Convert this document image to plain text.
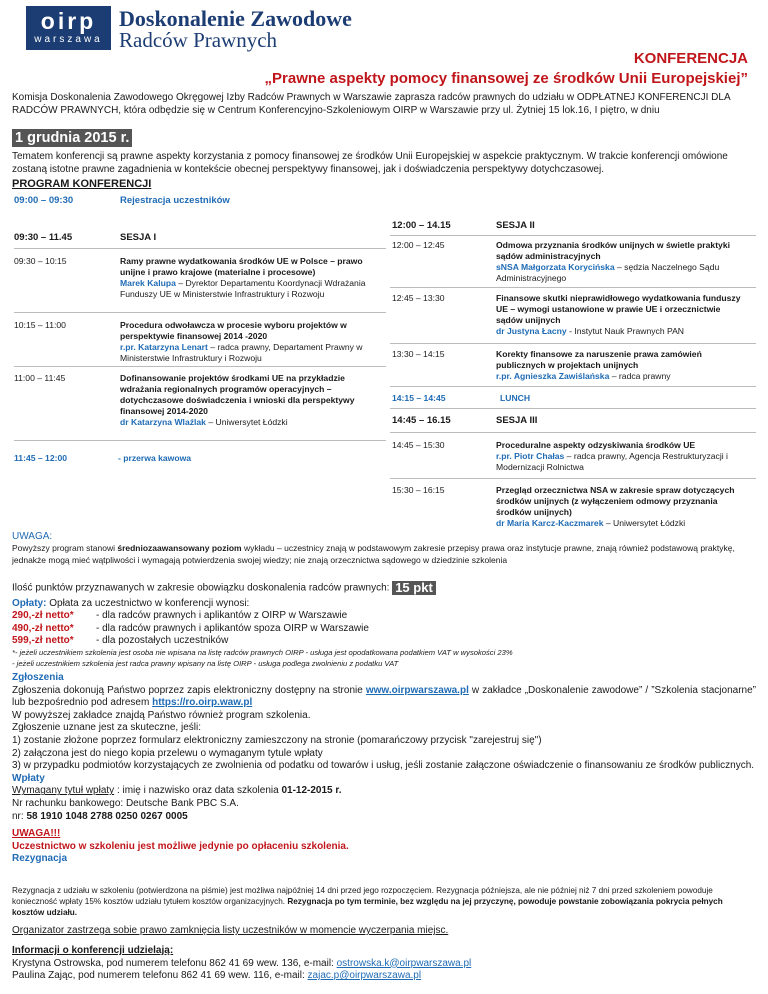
oirp
warszawa
Doskonalenie Zawodowe
Radców Prawnych
KONFERENCJA
„Prawne aspekty pomocy finansowej ze środków Unii Europejskiej”
Komisja Doskonalenia Zawodowego Okręgowej Izby Radców Prawnych w Warszawie zaprasza radców prawnych do udziału w ODPŁATNEJ KONFERENCJI DLA RADCÓW PRAWNYCH, która odbędzie się w Centrum Konferencyjno-Szkoleniowym OIRP w Warszawie przy ul. Żytniej 15 lok.16, I piętro, w dniu
1 grudnia 2015 r.
Tematem konferencji są prawne aspekty korzystania z pomocy finansowej ze środków Unii Europejskiej w aspekcie praktycznym. W trakcie konferencji omówione zostaną istotne prawne zagadnienia w kontekście obecnej perspektywy finansowej, jak i doświadczenia perspektywy dotychczasowej.
PROGRAM KONFERENCJI
09:00 – 09:30	Rejestracja uczestników
09:30 – 11.45	SESJA I
09:30 – 10:15	Ramy prawne wydatkowania środków UE w Polsce – prawo unijne i prawo krajowe (materialne i procesowe)
Marek Kalupa – Dyrektor Departamentu Koordynacji Wdrażania Funduszy UE w Ministerstwie Infrastruktury i Rozwoju
10:15 – 11:00	Procedura odwoławcza w procesie wyboru projektów w perspektywie finansowej 2014 -2020
r.pr. Katarzyna Lenart – radca prawny, Departament Prawny w Ministerstwie Infrastruktury i Rozwoju
11:00 – 11:45	Dofinansowanie projektów środkami UE na przykładzie wdrażania regionalnych programów operacyjnych – dotychczasowe doświadczenia i wnioski dla perspektywy finansowej 2014-2020
dr Katarzyna Wlaźlak – Uniwersytet Łódzki
11:45 – 12:00	- przerwa kawowa
12:00 – 14.15	SESJA II
12:00 – 12:45	Odmowa przyznania środków unijnych w świetle praktyki sądów administracyjnych
sNSA Małgorzata Korycińska – sędzia Naczelnego Sądu Administracyjnego
12:45 – 13:30	Finansowe skutki nieprawidłowego wydatkowania funduszy UE – wymogi ustanowione w prawie UE i orzecznictwie sądów unijnych
dr Justyna Łacny - Instytut Nauk Prawnych PAN
13:30 – 14:15	Korekty finansowe za naruszenie prawa zamówień publicznych w projektach unijnych
r.pr. Agnieszka Zawiślańska – radca prawny
14:15 – 14:45	LUNCH
14:45 – 16.15	SESJA III
14:45 – 15:30	Proceduralne aspekty odzyskiwania środków UE
r.pr. Piotr Chałas – radca prawny, Agencja Restrukturyzacji i Modernizacji Rolnictwa
15:30 – 16:15	Przegląd orzecznictwa NSA w zakresie spraw dotyczących środków unijnych (z wyłączeniem odmowy przyznania środków unijnych)
dr Maria Karcz-Kaczmarek – Uniwersytet Łódzki
UWAGA:
Powyższy program stanowi średniozaawansowany poziom wykładu – uczestnicy znają w podstawowym zakresie przepisy prawa oraz instytucje prawne, znają również podstawową praktykę, jednakże mogą mieć wątpliwości i wymagają potwierdzenia swojej wiedzy; nie znają orzecznictwa sądowego w dziedzinie szkolenia
Ilość punktów przyznawanych w zakresie obowiązku doskonalenia radców prawnych: 15 pkt
Opłaty: Opłata za uczestnictwo w konferencji wynosi:
290,-zł netto* - dla radców prawnych i aplikantów z OIRP w Warszawie
490,-zł netto* - dla radców prawnych i aplikantów spoza OIRP w Warszawie
599,-zł netto* - dla pozostałych uczestników
*- jeżeli uczestnikiem szkolenia jest osoba nie wpisana na listę radców prawnych OIRP - usługa jest opodatkowana podatkiem VAT w wysokości 23%
- jeżeli uczestnikiem szkolenia jest radca prawny wpisany na listę OIRP - usługa podlega zwolnieniu z podatku VAT
Zgłoszenia
Zgłoszenia dokonują Państwo poprzez zapis elektroniczny dostępny na stronie www.oirpwarszawa.pl w zakładce „Doskonalenie zawodowe” / ”Szkolenia stacjonarne” lub bezpośrednio pod adresem https://ro.oirp.waw.pl
W powyższej zakładce znajdą Państwo również program szkolenia.
Zgłoszenie uznane jest za skuteczne, jeśli:
1) zostanie złożone poprzez formularz elektroniczny zamieszczony na stronie (pomarańczowy przycisk "zarejestruj się")
2) załączona jest do niego kopia przelewu o wymaganym tytule wpłaty
3) w przypadku podmiotów korzystających ze zwolnienia od podatku od towarów i usług, jeśli zostanie załączone oświadczenie o finansowaniu ze środków publicznych.
Wpłaty
Wymagany tytuł wpłaty : imię i nazwisko oraz data szkolenia 01-12-2015 r.
Nr rachunku bankowego: Deutsche Bank PBC S.A.
nr: 58 1910 1048 2788 0250 0267 0005
UWAGA!!!
Uczestnictwo w szkoleniu jest możliwe jedynie po opłaceniu szkolenia.
Rezygnacja
Rezygnacja z udziału w szkoleniu (potwierdzona na piśmie) jest możliwa najpóźniej 14 dni przed jego rozpoczęciem. Rezygnacja późniejsza, ale nie później niż 7 dni przed szkoleniem powoduje konieczność wpłaty 15% kosztów udziału tytułem kosztów organizacyjnych. Rezygnacja po tym terminie, bez względu na jej przyczynę, powoduje powstanie zobowiązania pokrycia pełnych kosztów udziału.
Organizator zastrzega sobie prawo zamknięcia listy uczestników w momencie wyczerpania miejsc.
Informacji o konferencji udzielają:
Krystyna Ostrowska, pod numerem telefonu 862 41 69 wew. 136, e-mail: ostrowska.k@oirpwarszawa.pl
Paulina Zając, pod numerem telefonu 862 41 69 wew. 116, e-mail: zajac.p@oirpwarszawa.pl
